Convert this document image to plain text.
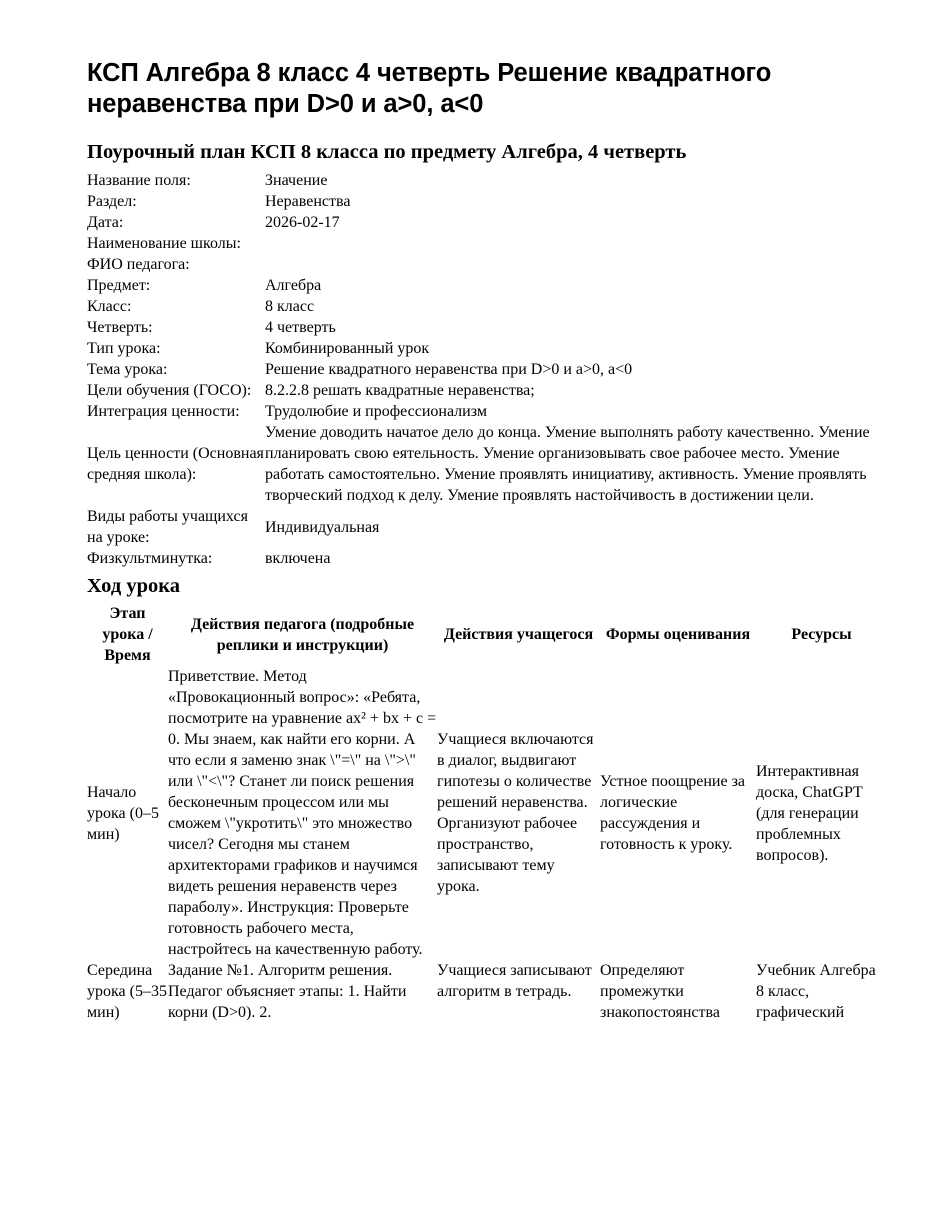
КСП Алгебра 8 класс 4 четверть Решение квадратного неравенства при D>0 и a>0, a<0
Поурочный план КСП 8 класса по предмету Алгебра, 4 четверть
Название поля:	Значение
Раздел:	Неравенства
Дата:	2026-02-17
Наименование школы:	
ФИО педагога:	
Предмет:	Алгебра
Класс:	8 класс
Четверть:	4 четверть
Тип урока:	Комбинированный урок
Тема урока:	Решение квадратного неравенства при D>0 и a>0, a<0
Цели обучения (ГОСО):	8.2.2.8 решать квадратные неравенства;
Интеграция ценности:	Трудолюбие и профессионализм
Цель ценности (Основная средняя школа):	Умение доводить начатое дело до конца. Умение выполнять работу качественно. Умение планировать свою еятельность. Умение организовывать свое рабочее место. Умение работать самостоятельно. Умение проявлять инициативу, активность. Умение проявлять творческий подход к делу. Умение проявлять настойчивость в достижении цели.
Виды работы учащихся на уроке:	Индивидуальная
Физкультминутка:	включена
Ход урока
Этап урока / Время	Действия педагога (подробные реплики и инструкции)	Действия учащегося	Формы оценивания	Ресурсы
Начало урока (0–5 мин)	Приветствие. Метод «Провокационный вопрос»: «Ребята, посмотрите на уравнение ax² + bx + c = 0. Мы знаем, как найти его корни. А что если я заменю знак \"=\" на \">\" или \"<\"? Станет ли поиск решения бесконечным процессом или мы сможем \"укротить\" это множество чисел? Сегодня мы станем архитекторами графиков и научимся видеть решения неравенств через параболу». Инструкция: Проверьте готовность рабочего места, настройтесь на качественную работу.	Учащиеся включаются в диалог, выдвигают гипотезы о количестве решений неравенства. Организуют рабочее пространство, записывают тему урока.	Устное поощрение за логические рассуждения и готовность к уроку.	Интерактивная доска, ChatGPT (для генерации проблемных вопросов).
Середина урока (5–35 мин)	Задание №1. Алгоритм решения. Педагог объясняет этапы: 1. Найти корни (D>0). 2.	Учащиеся записывают алгоритм в тетрадь.	Определяют промежутки знакопостоянства	Учебник Алгебра 8 класс, графический
